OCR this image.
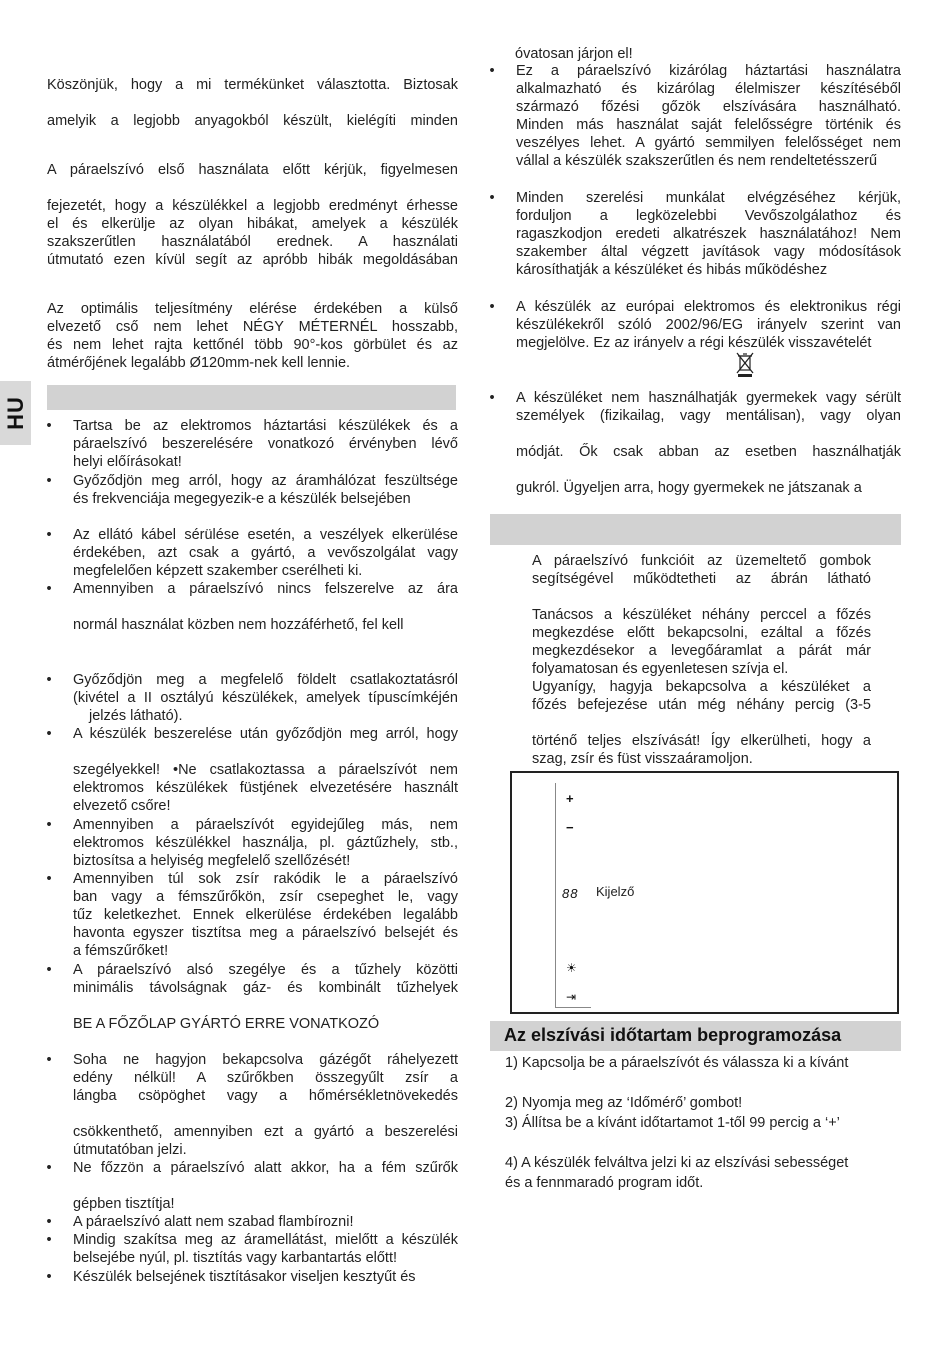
HU
Köszönjük, hogy a mi termékünket választotta. Biztosak
amelyik a legjobb anyagokból készült, kielégíti minden
A páraelszívó első használata előtt kérjük, figyelmesen
fejezetét, hogy a készülékkel a legjobb eredményt érhesse
el és elkerülje az olyan hibákat, amelyek a készülék
szakszerűtlen használatából erednek. A használati
útmutató ezen kívül segít az apróbb hibák megoldásában
Az optimális teljesítmény elérése érdekében a külső
elvezető cső nem lehet NÉGY MÉTERNÉL hosszabb,
és nem lehet rajta kettőnél több 90°-kos görbület és az
átmérőjének legalább Ø120mm-nek kell lennie.
• Tartsa be az elektromos háztartási készülékek és a
páraelszívó beszerelésére vonatkozó érvényben lévő
helyi előírásokat!
• Győződjön meg arról, hogy az áramhálózat feszültsége
és frekvenciája megegyezik-e a készülék belsejében
• Az ellátó kábel sérülése esetén, a veszélyek elkerülése
érdekében, azt csak a gyártó, a vevőszolgálat vagy
megfelelően képzett szakember cserélheti ki.
• Amennyiben a páraelszívó nincs felszerelve az ára

normál használat közben nem hozzáférhető, fel kell
• Győződjön meg a megfelelő földelt csatlakoztatásról
(kivétel a II osztályú készülékek, amelyek típuscímkéjén
jelzés látható).
• A készülék beszerelése után győződjön meg arról, hogy

szegélyekkel! •Ne csatlakoztassa a páraelszívót nem
elektromos készülékek füstjének elvezetésére használt
elvezető csőre!
• Amennyiben a páraelszívót egyidejűleg más, nem
elektromos készülékkel használja, pl. gáztűzhely, stb.,
biztosítsa a helyiség megfelelő szellőzését!
• Amennyiben túl sok zsír rakódik le a páraelszívó
ban vagy a fémszűrőkön, zsír csepeghet le, vagy
tűz keletkezhet. Ennek elkerülése érdekében legalább
havonta egyszer tisztítsa meg a páraelszívó belsejét és
a fémszűrőket!
• A páraelszívó alsó szegélye és a tűzhely közötti
minimális távolságnak gáz- és kombinált tűzhelyek

BE A FŐZŐLAP GYÁRTÓ ERRE VONATKOZÓ
• Soha ne hagyjon bekapcsolva gázégőt ráhelyezett
edény nélkül! A szűrőkben összegyűlt zsír a
lángba csöpöghet vagy a hőmérsékletnövekedés

csökkenthető, amennyiben ezt a gyártó a beszerelési
útmutatóban jelzi.
• Ne főzzön a páraelszívó alatt akkor, ha a fém szűrők

gépben tisztítja!
• A páraelszívó alatt nem szabad flambírozni!
• Mindig szakítsa meg az áramellátást, mielőtt a készülék
belsejébe nyúl, pl. tisztítás vagy karbantartás előtt!
• Készülék belsejének tisztításakor viseljen kesztyűt és
óvatosan járjon el!
• Ez a páraelszívó kizárólag háztartási használatra
alkalmazható és kizárólag élelmiszer készítéséből
származó főzési gőzök elszívására használható.
Minden más használat saját felelősségre történik és
veszélyes lehet. A gyártó semmilyen felelősséget nem
vállal a készülék szakszerűtlen és nem rendeltetésszerű
• Minden szerelési munkálat elvégzéséhez kérjük,
forduljon a legközelebbi Vevőszolgálathoz és
ragaszkodjon eredeti alkatrészek használatához! Nem
szakember által végzett javítások vagy módosítások
károsíthatják a készüléket és hibás működéshez
• A készülék az európai elektromos és elektronikus régi
készülékekről szóló 2002/96/EG irányelv szerint van
megjelölve. Ez az irányelv a régi készülék visszavételét
• A készüléket nem használhatják gyermekek vagy sérült
személyek (fizikailag, vagy mentálisan), vagy olyan

módját. Ők csak abban az esetben használhatják

gukról. Ügyeljen arra, hogy gyermekek ne játszanak a
A páraelszívó funkcióit az üzemeltető gombok
segítségével működtetheti az ábrán látható
Tanácsos a készüléket néhány perccel a főzés
megkezdése előtt bekapcsolni, ezáltal a főzés
megkezdésekor a levegőáramlat a párát már
folyamatosan és egyenletesen szívja el.
Ugyanígy, hagyja bekapcsolva a készüléket a
főzés befejezése után még néhány percig (3-5

történő teljes elszívását! Így elkerülheti, hogy a
szag, zsír és füst visszaáramoljon.
+
−
88
☀
⇥
Kijelző
Az elszívási időtartam beprogramozása
1) Kapcsolja be a páraelszívót és válassza ki a kívánt
2) Nyomja meg az ‘Időmérő’ gombot!
3) Állítsa be a kívánt időtartamot 1-től 99 percig a ‘+’
4) A készülék felváltva jelzi ki az elszívási sebességet
és a fennmaradó program időt.
